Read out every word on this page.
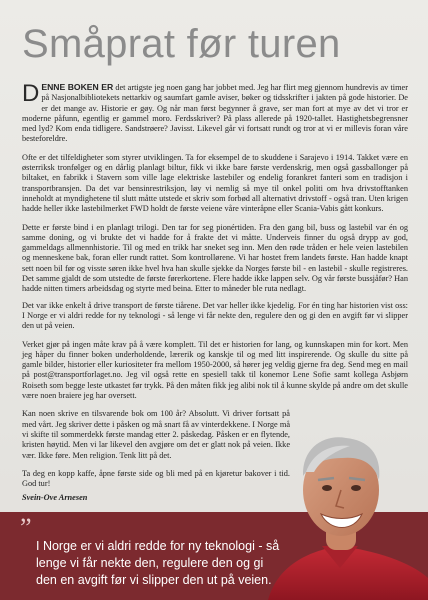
Småprat før turen

DENNE BOKEN ER det artigste jeg noen gang har jobbet med. Jeg har flirt meg gjennom hundrevis av timer på Nasjonalbibliotekets nettarkiv og saumfart gamle aviser, bøker og tidsskrifter i jakten på gode historier. De er det mange av. Historie er gøy. Og når man først begynner å grave, ser man fort at mye av det vi tror er moderne påfunn, egentlig er gammel moro. Ferdsskriver? På plass allerede på 1920-tallet. Hastighetsbegrensner med lyd? Kom enda tidligere. Sandstrøere? Javisst. Likevel går vi fortsatt rundt og tror at vi er millevis foran våre besteforeldre.

Ofte er det tilfeldigheter som styrer utviklingen. Ta for eksempel de to skuddene i Sarajevo i 1914. Takket være en østerriksk tronfølger og en dårlig planlagt biltur, fikk vi ikke bare første verdenskrig, men også gassballonger på biltaket, en fabrikk i Stavern som ville lage elektriske lastebiler og endelig forankret fanteri som en tradisjon i transportbransjen. Da det var bensinrestriksjon, løy vi nemlig så mye til onkel politi om hva drivstofftanken inneholdt at myndighetene til slutt måtte utstede et skriv som forbød all alternativt drivstoff - også tran. Uten krigen hadde heller ikke lastebilmerket FWD holdt de første veiene våre vinteråpne eller Scania-Vabis gått konkurs.

Dette er første bind i en planlagt trilogi. Den tar for seg pionértiden. Fra den gang bil, buss og lastebil var én og samme doning, og vi brukte det vi hadde for å frakte det vi måtte. Underveis finner du også drypp av god, gammeldags allmennhistorie. Til og med en trikk har sneket seg inn. Men den røde tråden er hele veien lastebilen og menneskene bak, foran eller rundt rattet. Som kontrollørene. Vi har hostet frem landets første. Han hadde knapt sett noen bil før og visste søren ikke hvel hva han skulle sjekke da Norges første bil - en lastebil - skulle registreres. Det samme gjaldt de som utstedte de første førerkortene. Flere hadde ikke lappen selv. Og vår første bussjåfør? Han hadde nitten timers arbeidsdag og styrte med beina. Etter to måneder ble ruta nedlagt.

Det var ikke enkelt å drive transport de første tiårene. Det var heller ikke kjedelig. For én ting har historien vist oss: I Norge er vi aldri redde for ny teknologi - så lenge vi får nekte den, regulere den og gi den en avgift før vi slipper den ut på veien.

Verket gjør på ingen måte krav på å være komplett. Til det er historien for lang, og kunnskapen min for kort. Men jeg håper du finner boken underholdende, lærerik og kanskje til og med litt inspirerende. Og skulle du sitte på gamle bilder, historier eller kuriositeter fra mellom 1950-2000, så hører jeg veldig gjerne fra deg. Send meg en mail på post@transportforlaget.no. Jeg vil også rette en spesiell takk til konemor Lene Sofie samt kollega Asbjørn Roiseth som begge leste utkastet før trykk. På den måten fikk jeg alibi nok til å kunne skylde på andre om det skulle være noen braiere jeg har oversett.

Kan noen skrive en tilsvarende bok om 100 år? Absolutt. Vi driver fortsatt på med vårt. Jeg skriver dette i påsken og må snart få av vinterdekkene. I Norge må vi skifte til sommerdekk første mandag etter 2. påskedag. Påsken er en flytende, kristen høytid. Men vi lar likevel den avgjøre om det er glatt nok på veien. Ikke vær. Ikke føre. Men religion. Tenk litt på det.

Ta deg en kopp kaffe, åpne første side og bli med på en kjøretur bakover i tid. God tur!

Svein-Ove Arnesen
”
I Norge er vi aldri redde for ny teknologi - så lenge vi får nekte den, regulere den og gi den en avgift før vi slipper den ut på veien.
